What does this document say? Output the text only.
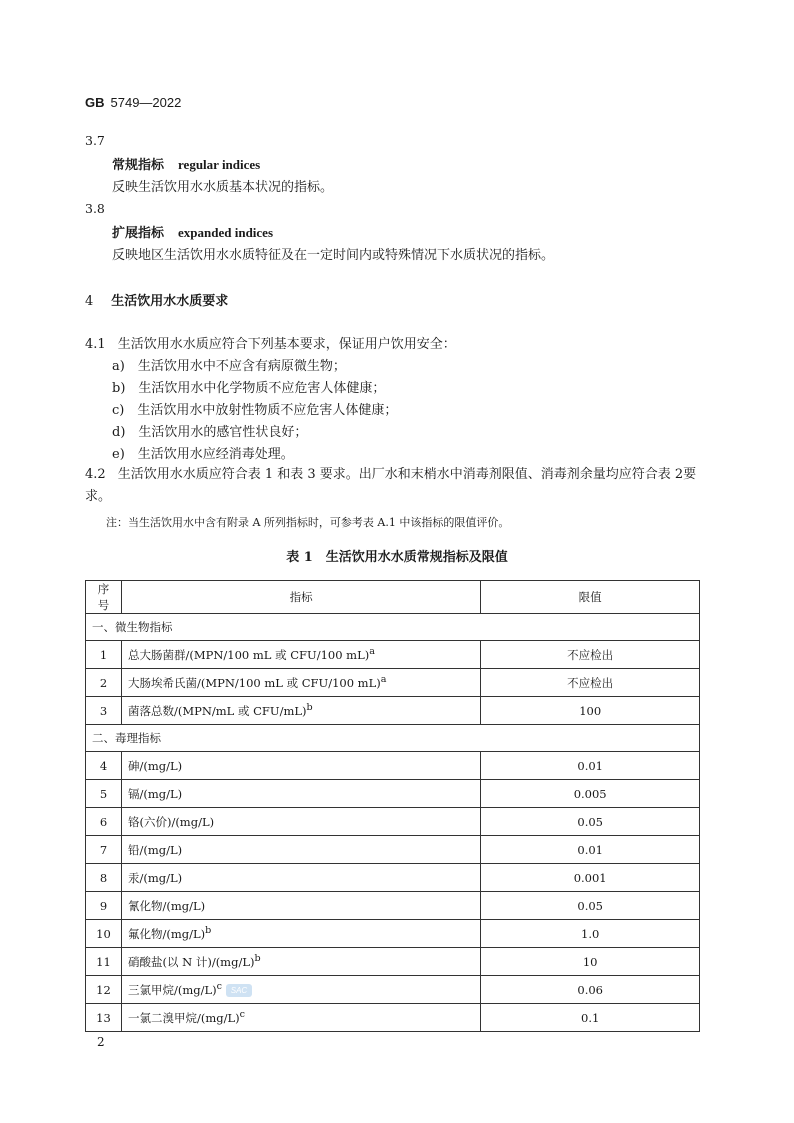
GB 5749—2022
3.7
常规指标 regular indices
反映生活饮用水水质基本状况的指标。
3.8
扩展指标 expanded indices
反映地区生活饮用水水质特征及在一定时间内或特殊情况下水质状况的指标。
4 生活饮用水水质要求
4.1 生活饮用水水质应符合下列基本要求，保证用户饮用安全：
a)　生活饮用水中不应含有病原微生物；
b)　生活饮用水中化学物质不应危害人体健康；
c)　生活饮用水中放射性物质不应危害人体健康；
d)　生活饮用水的感官性状良好；
e)　生活饮用水应经消毒处理。
4.2 生活饮用水水质应符合表 1 和表 3 要求。出厂水和末梢水中消毒剂限值、消毒剂余量均应符合表 2要求。
注：当生活饮用水中含有附录 A 所列指标时，可参考表 A.1 中该指标的限值评价。
表 1　生活饮用水水质常规指标及限值
序号	指标	限值
一、微生物指标		
1	总大肠菌群/(MPN/100 mL 或 CFU/100 mL)$^a$	不应检出
2	大肠埃希氏菌/(MPN/100 mL 或 CFU/100 mL)$^a$	不应检出
3	菌落总数/(MPN/mL 或 CFU/mL)$^b$	100
二、毒理指标		
4	砷/(mg/L)	0.01
5	镉/(mg/L)	0.005
6	铬(六价)/(mg/L)	0.05
7	铅/(mg/L)	0.01
8	汞/(mg/L)	0.001
9	氰化物/(mg/L)	0.05
10	氟化物$/(mg/L)^b$	1.0
11	硝酸盐(以 N 计)$/(mg/L)^b$	10
12	三氯甲烷$/(mg/L)^c$ SAC	0.06
13	一氯二溴甲烷$/(mg/L)^c$	0.1
2
